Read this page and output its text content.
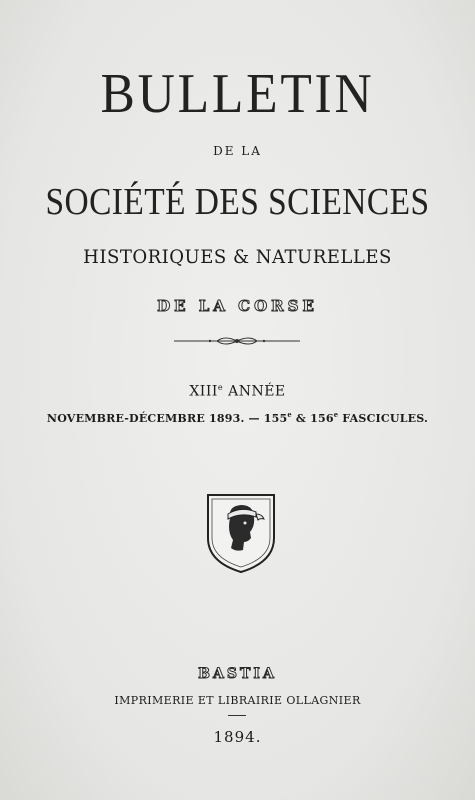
BULLETIN
DE LA
SOCIÉTÉ DES SCIENCES
HISTORIQUES & NATURELLES
DE LA CORSE
XIIIe ANNÉE
NOVEMBRE-DÉCEMBRE 1893. — 155e & 156e FASCICULES.
BASTIA
IMPRIMERIE ET LIBRAIRIE OLLAGNIER
1894.
